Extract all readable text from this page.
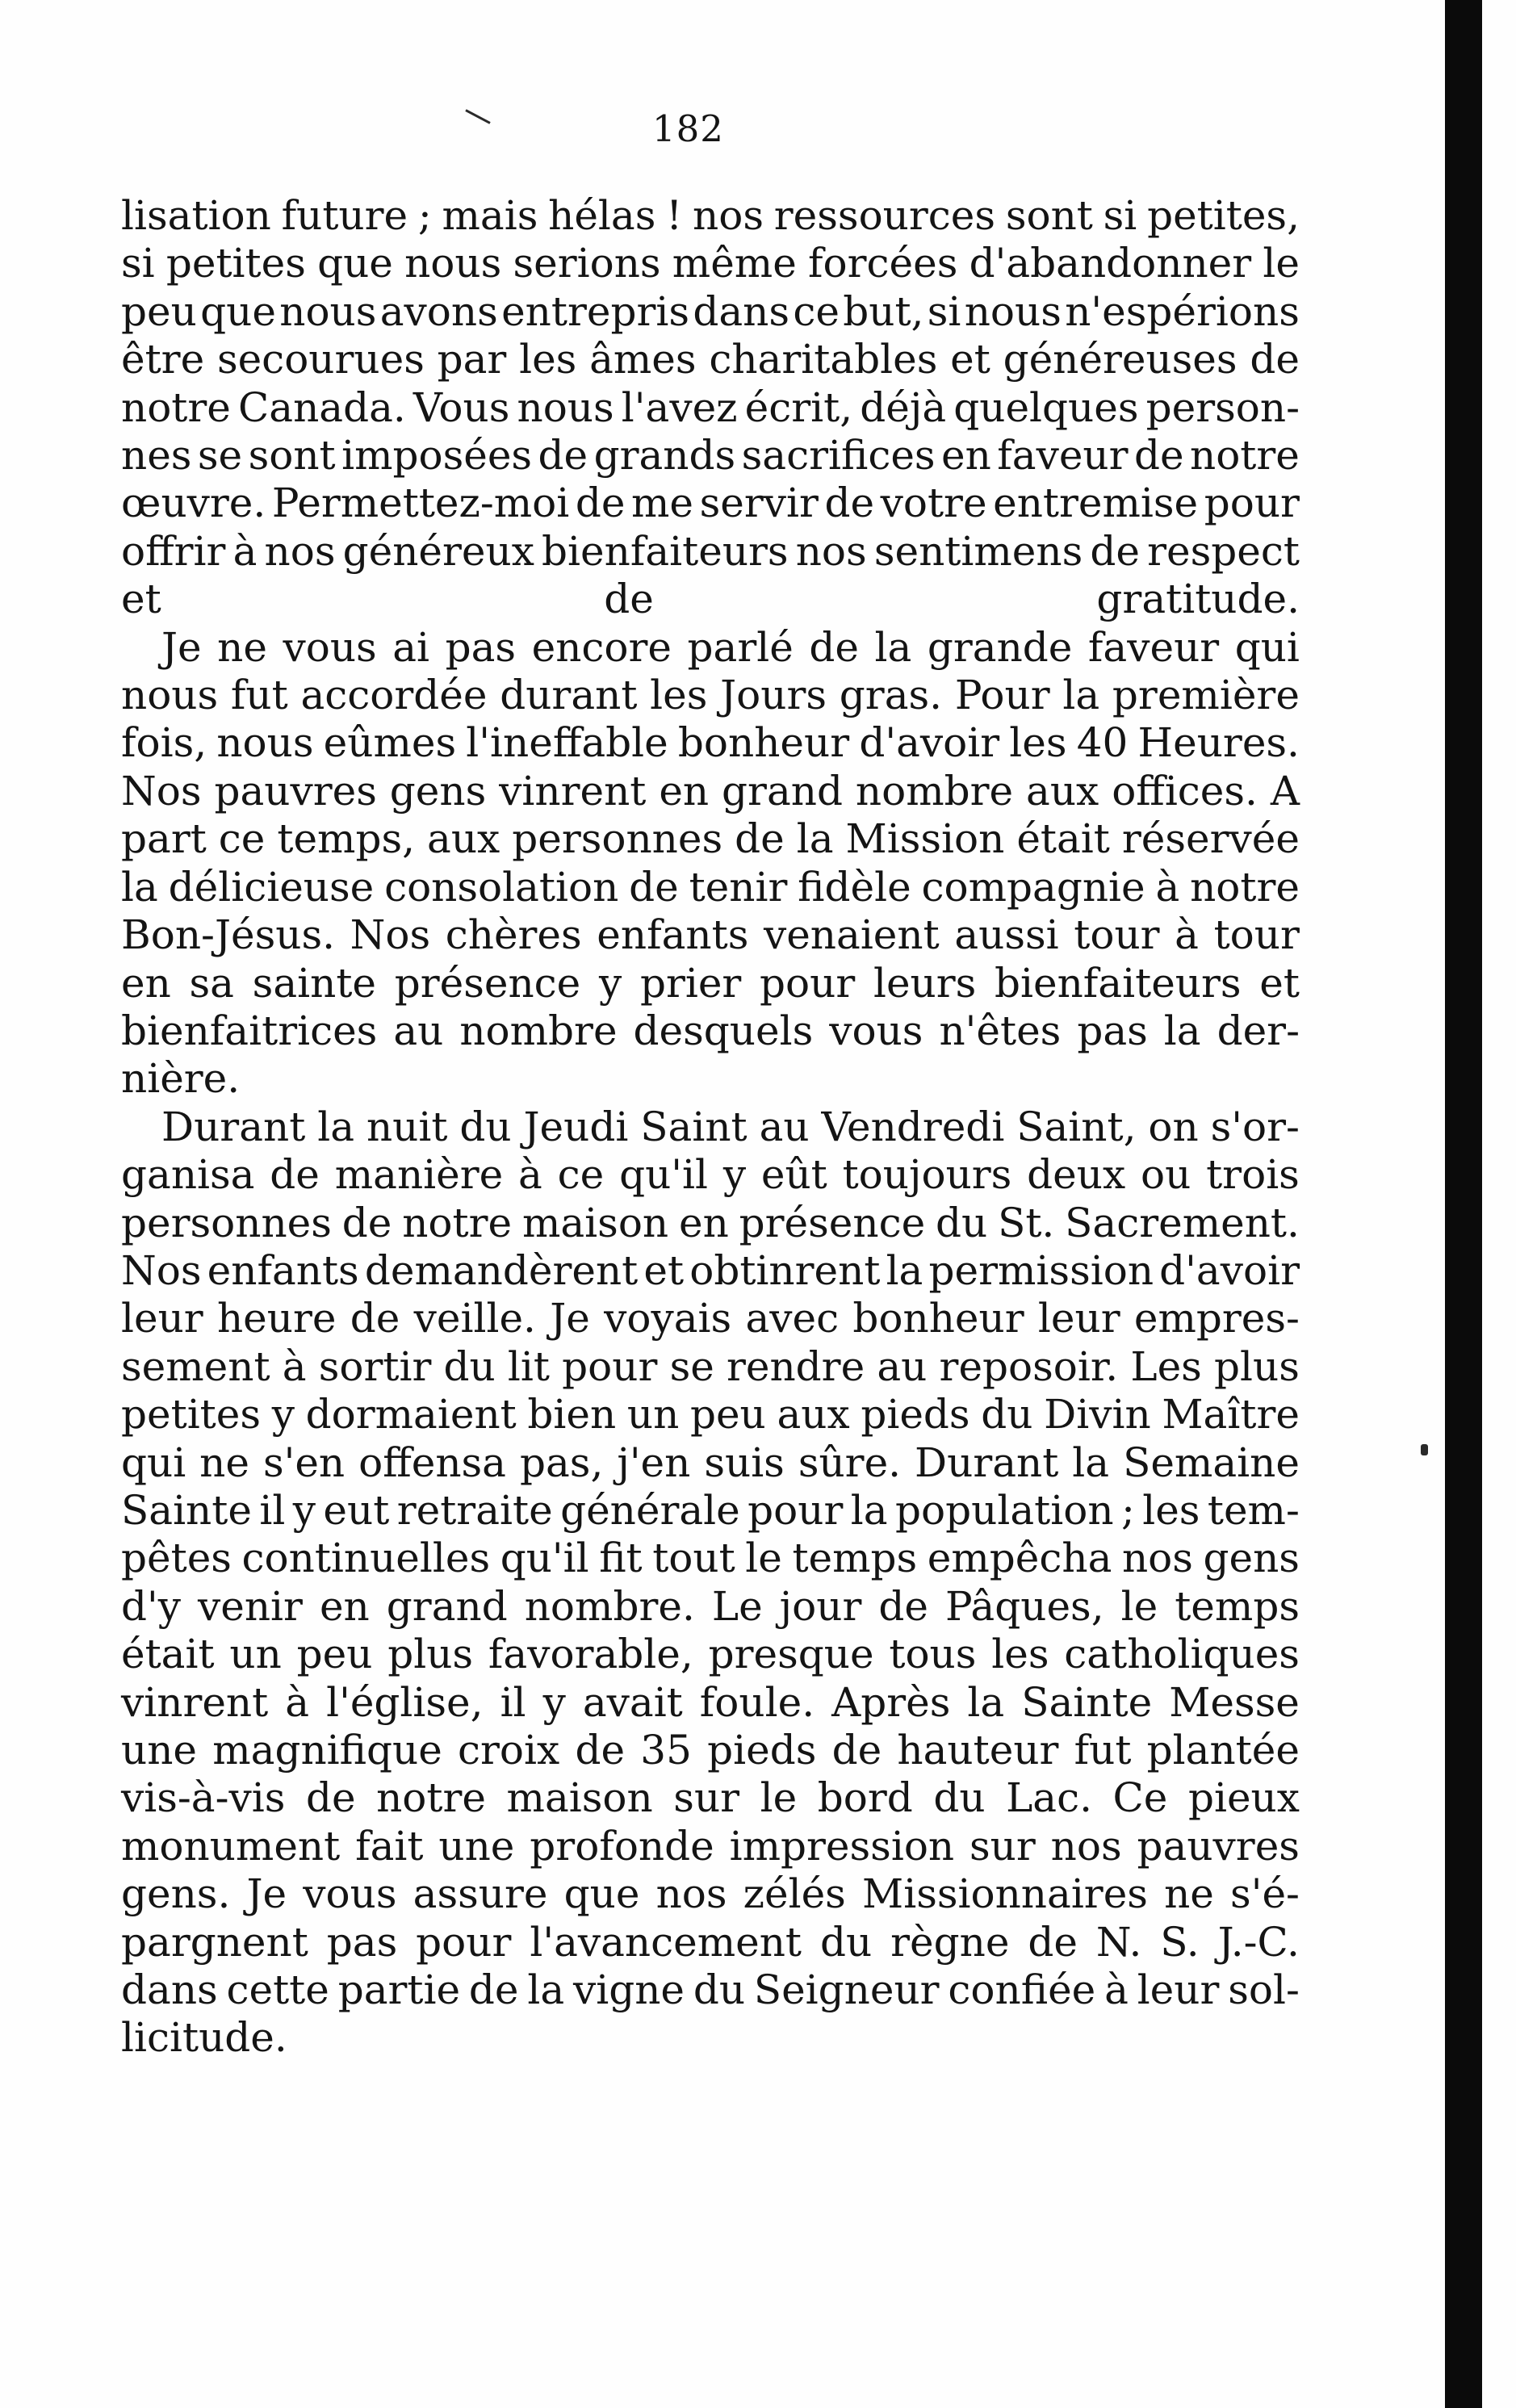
182
lisation future ; mais hélas ! nos ressources sont si petites,
si petites que nous serions même forcées d'abandonner le
peu que nous avons entrepris dans ce but, si nous n'espérions
être secourues par les âmes charitables et généreuses de
notre Canada. Vous nous l'avez écrit, déjà quelques person-
nes se sont imposées de grands sacrifices en faveur de notre
œuvre. Permettez-moi de me servir de votre entremise pour
offrir à nos généreux bienfaiteurs nos sentimens de respect
et de gratitude.
Je ne vous ai pas encore parlé de la grande faveur qui
nous fut accordée durant les Jours gras. Pour la première
fois, nous eûmes l'ineffable bonheur d'avoir les 40 Heures.
Nos pauvres gens vinrent en grand nombre aux offices. A
part ce temps, aux personnes de la Mission était réservée
la délicieuse consolation de tenir fidèle compagnie à notre
Bon-Jésus. Nos chères enfants venaient aussi tour à tour
en sa sainte présence y prier pour leurs bienfaiteurs et
bienfaitrices au nombre desquels vous n'êtes pas la der-
nière.
Durant la nuit du Jeudi Saint au Vendredi Saint, on s'or-
ganisa de manière à ce qu'il y eût toujours deux ou trois
personnes de notre maison en présence du St. Sacrement.
Nos enfants demandèrent et obtinrent la permission d'avoir
leur heure de veille. Je voyais avec bonheur leur empres-
sement à sortir du lit pour se rendre au reposoir. Les plus
petites y dormaient bien un peu aux pieds du Divin Maître
qui ne s'en offensa pas, j'en suis sûre. Durant la Semaine
Sainte il y eut retraite générale pour la population ; les tem-
pêtes continuelles qu'il fit tout le temps empêcha nos gens
d'y venir en grand nombre. Le jour de Pâques, le temps
était un peu plus favorable, presque tous les catholiques
vinrent à l'église, il y avait foule. Après la Sainte Messe
une magnifique croix de 35 pieds de hauteur fut plantée
vis-à-vis de notre maison sur le bord du Lac. Ce pieux
monument fait une profonde impression sur nos pauvres
gens. Je vous assure que nos zélés Missionnaires ne s'é-
pargnent pas pour l'avancement du règne de N. S. J.-C.
dans cette partie de la vigne du Seigneur confiée à leur sol-
licitude.
